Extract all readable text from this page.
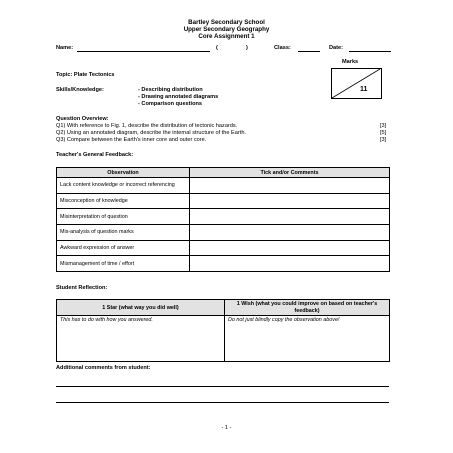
Bartley Secondary School
Upper Secondary Geography
Core Assignment 1
Name:	(	)	Class:	Date:
Marks
11
Topic: Plate Tectonics
Skills/Knowledge:	- Describing distribution
- Drawing annotated diagrams
- Comparison questions
Question Overview:
Q1) With reference to Fig. 1, describe the distribution of tectonic hazards.	[3]
Q2) Using an annotated diagram, describe the internal structure of the Earth.	[5]
Q3) Compare between the Earth's inner core and outer core.	[3]
Teacher's General Feedback:
Observation	Tick and/or Comments
Lack content knowledge or incorrect referencing	
Misconception of knowledge	
Misinterpretation of question	
Mis-analysis of question marks	
Awkward expression of answer	
Mismanagement of time / effort	
Student Reflection:
1 Star (what way you did well)	1 Wish (what you could improve on based on teacher's feedback)
This has to do with how you answered.	Do not just blindly copy the observation above!
Additional comments from student:
- 1 -
